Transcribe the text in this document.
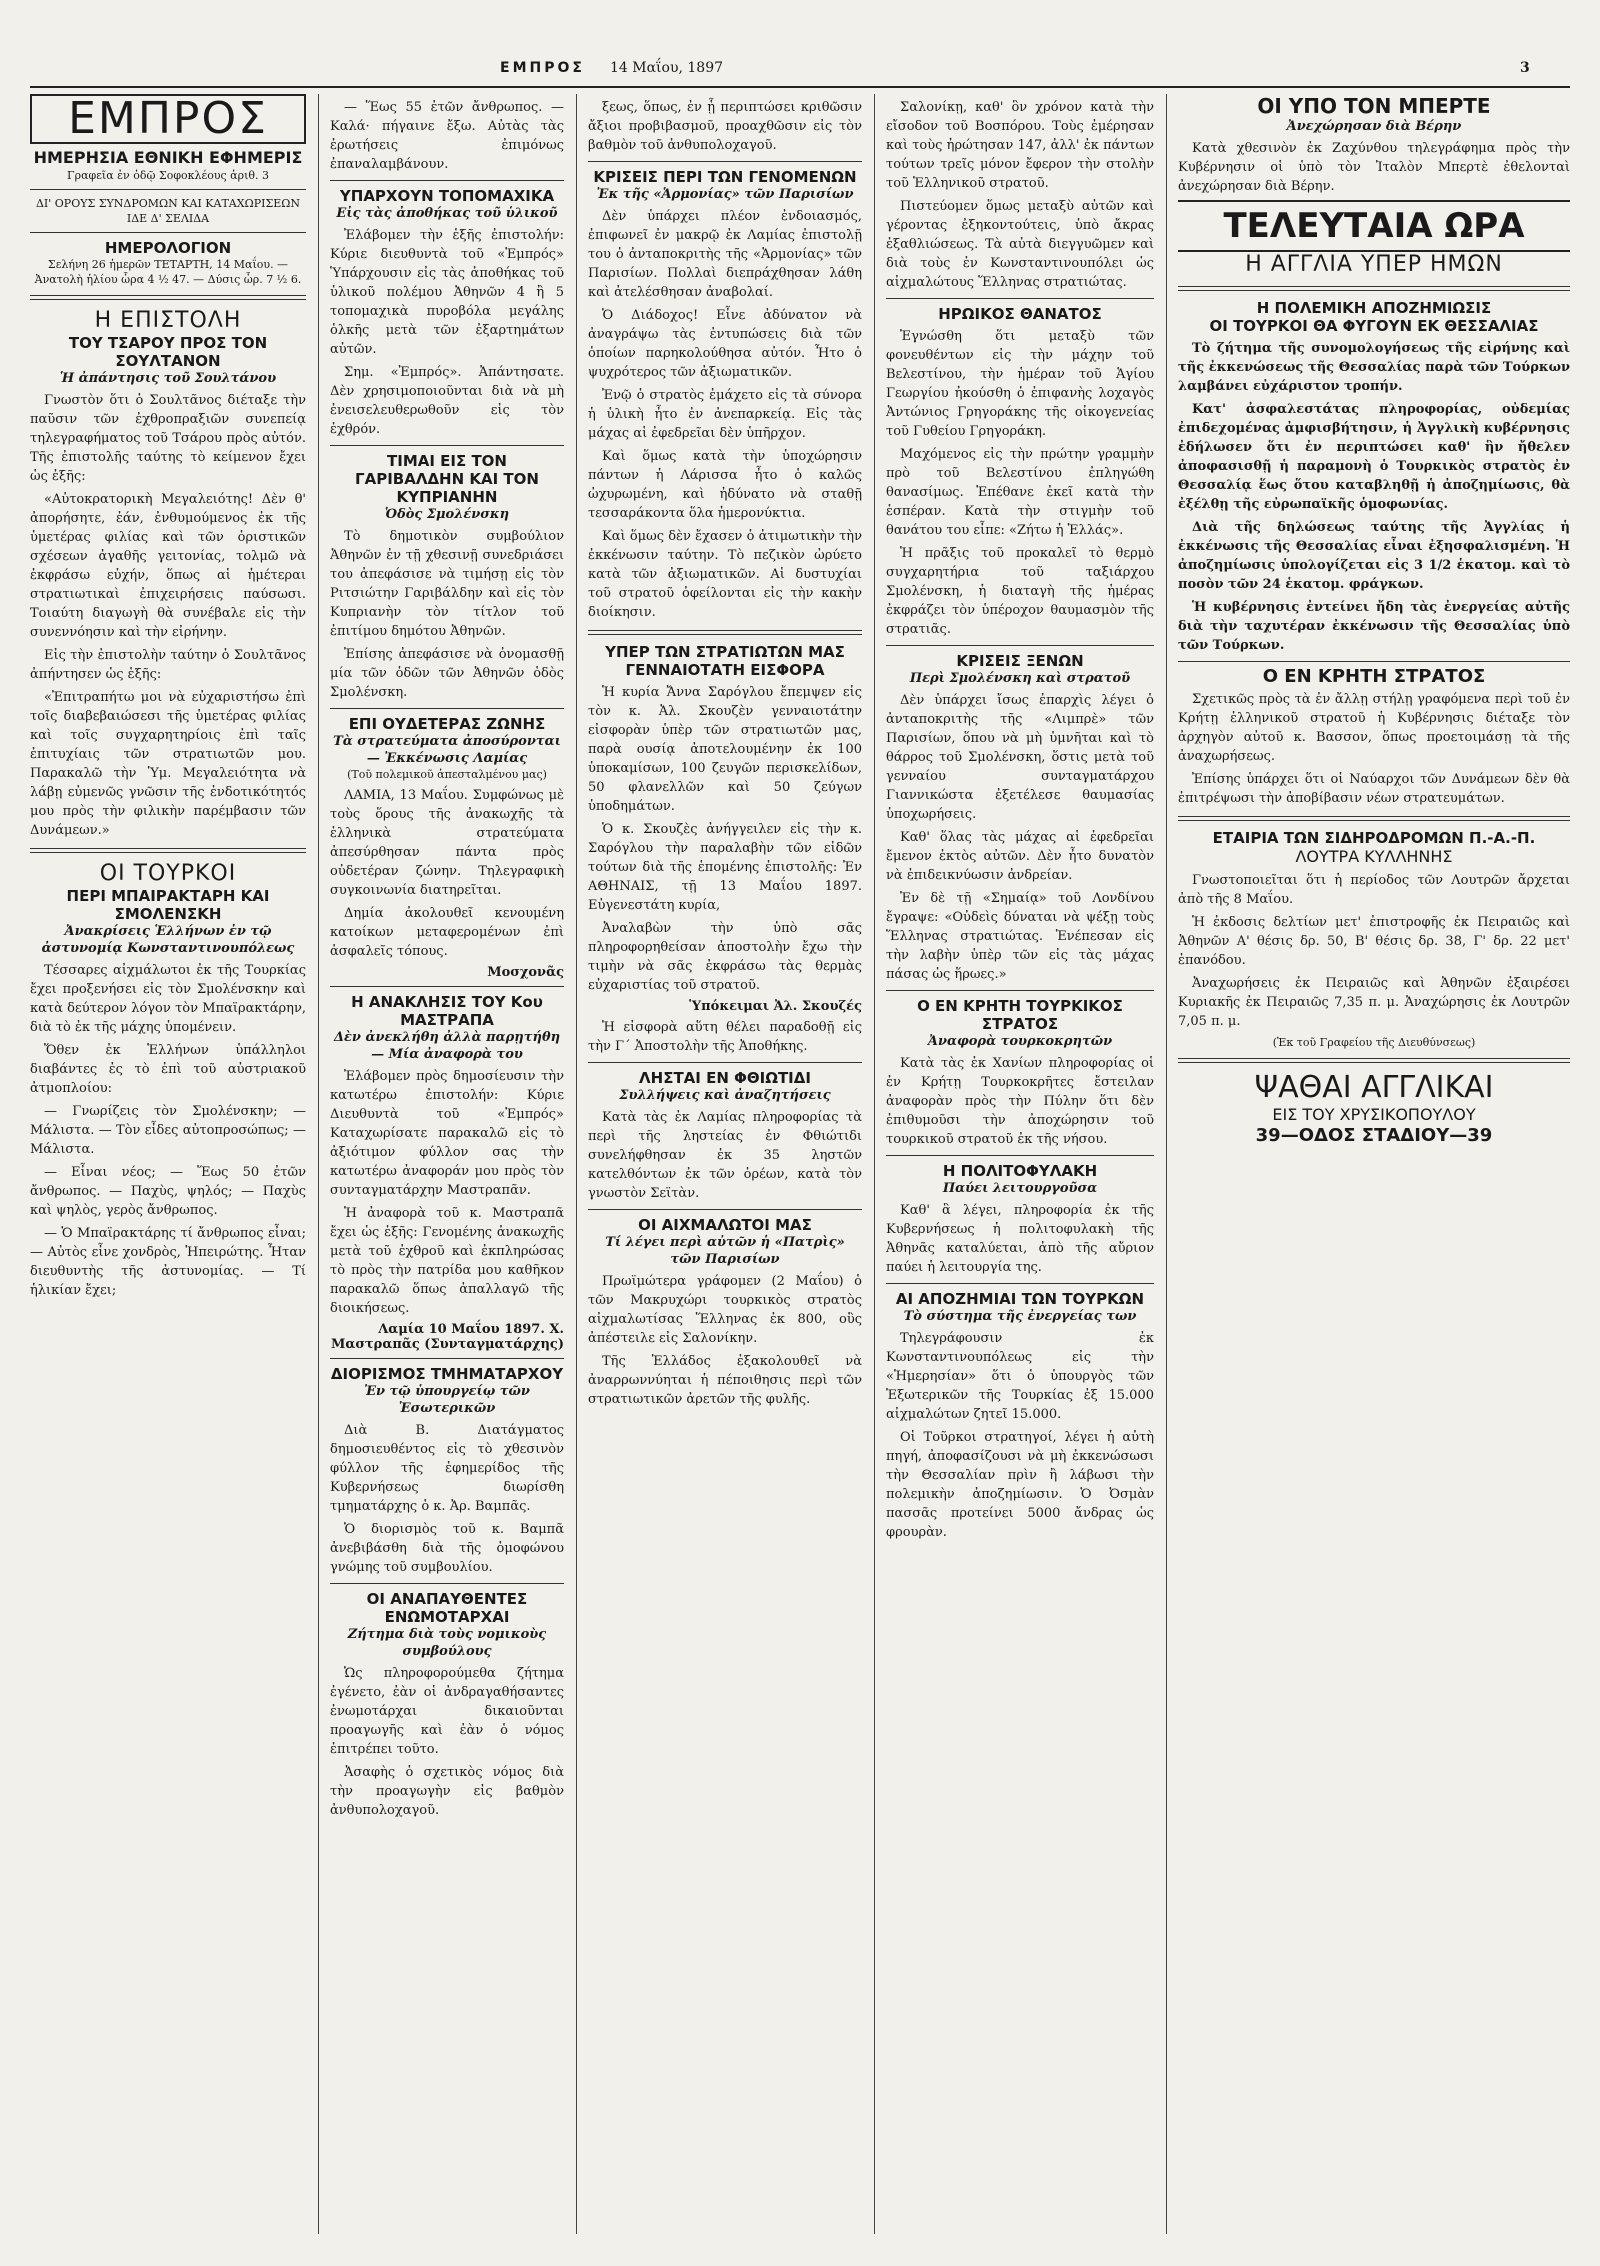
ΕΜΠΡΟΣ 14 Μαΐου, 1897	3
ΕΜΠΡΟΣ
ΗΜΕΡΗΣΙΑ ΕΘΝΙΚΗ ΕΦΗΜΕΡΙΣ
Γραφεῖα ἐν ὁδῷ Σοφοκλέους ἀριθ. 3
ΔΙ' ΟΡΟΥΣ ΣΥΝΔΡΟΜΩΝ ΚΑΙ ΚΑΤΑΧΩΡΙΣΕΩΝ ΙΔΕ Δ' ΣΕΛΙΔΑ
ΗΜΕΡΟΛΟΓΙΟΝ
Σελήνη 26 ἡμερῶν ΤΕΤΑΡΤΗ, 14 Μαΐου. —Ἀνατολὴ ἡλίου ὧρα 4 ½ 47. — Δύσις ὧρ. 7 ½ 6.
Η ΕΠΙΣΤΟΛΗ
ΤΟΥ ΤΣΑΡΟΥ ΠΡΟΣ ΤΟΝ ΣΟΥΛΤΑΝΟΝ
Ἡ ἀπάντησις τοῦ Σουλτάνου

Γνωστὸν ὅτι ὁ Σουλτᾶνος διέταξε τὴν παῦσιν τῶν ἐχθροπραξιῶν συνεπείᾳ τηλεγραφήματος τοῦ Τσάρου πρὸς αὐτόν. Τῆς ἐπιστολῆς ταύτης τὸ κείμενον ἔχει ὡς ἑξῆς:

«Αὐτοκρατορικὴ Μεγαλειότης! Δὲν θ' ἀπορήσητε, ἐάν, ἐνθυμούμενος ἐκ τῆς ὑμετέρας φιλίας καὶ τῶν ὁριστικῶν σχέσεων ἀγαθῆς γειτονίας, τολμῶ νὰ ἐκφράσω εὐχήν, ὅπως αἱ ἡμέτεραι στρατιωτικαὶ ἐπιχειρήσεις παύσωσι. Τοιαύτη διαγωγὴ θὰ συνέβαλε εἰς τὴν συνεννόησιν καὶ τὴν εἰρήνην.

Εἰς τὴν ἐπιστολὴν ταύτην ὁ Σουλτᾶνος ἀπήντησεν ὡς ἑξῆς:

«Ἐπιτραπήτω μοι νὰ εὐχαριστήσω ἐπὶ τοῖς διαβεβαιώσεσι τῆς ὑμετέρας φιλίας καὶ τοῖς συγχαρητηρίοις ἐπὶ ταῖς ἐπιτυχίαις τῶν στρατιωτῶν μου. Παρακαλῶ τὴν Ὑμ. Μεγαλειότητα νὰ λάβῃ εὐμενῶς γνῶσιν τῆς ἐνδοτικότητός μου πρὸς τὴν φιλικὴν παρέμβασιν τῶν Δυνάμεων.»

ΟΙ ΤΟΥΡΚΟΙ
ΠΕΡΙ ΜΠΑΙΡΑΚΤΑΡΗ ΚΑΙ ΣΜΟΛΕΝΣΚΗ
Ἀνακρίσεις Ἑλλήνων ἐν τῷ ἀστυνομίᾳ Κωνσταντινουπόλεως

Τέσσαρες αἰχμάλωτοι ἐκ τῆς Τουρκίας ἔχει προξενήσει εἰς τὸν Σμολένσκην καὶ κατὰ δεύτερον λόγον τὸν Μπαϊρακτάρην, διὰ τὸ ἐκ τῆς μάχης ὑπομένειν.

Ὅθεν ἐκ Ἑλλήνων ὑπάλληλοι διαβάντες ἐς τὸ ἐπὶ τοῦ αὐστριακοῦ ἀτμοπλοίου:

— Γνωρίζεις τὸν Σμολένσκην; — Μάλιστα. — Τὸν εἶδες αὐτοπροσώπως; — Μάλιστα.

— Εἶναι νέος; — Ἕως 50 ἐτῶν ἄνθρωπος. — Παχὺς, ψηλός; — Παχὺς καὶ ψηλὸς, γερὸς ἄνθρωπος.

— Ὁ Μπαϊρακτάρης τί ἄνθρωπος εἶναι; — Αὐτὸς εἶνε χονδρὸς, Ἠπειρώτης. Ἦταν διευθυντὴς τῆς ἀστυνομίας. — Τί ἡλικίαν ἔχει;

— Ἕως 55 ἐτῶν ἄνθρωπος. — Καλά· πήγαινε ἔξω. Αὐτὰς τὰς ἐρωτήσεις ἐπιμόνως ἐπαναλαμβάνουν.

ΥΠΑΡΧΟΥΝ ΤΟΠΟΜΑΧΙΚΑ
Εἰς τὰς ἀποθήκας τοῦ ὑλικοῦ

Ἐλάβομεν τὴν ἑξῆς ἐπιστολήν: Κύριε διευθυντὰ τοῦ «Ἐμπρός» Ὑπάρχουσιν εἰς τὰς ἀποθήκας τοῦ ὑλικοῦ πολέμου Ἀθηνῶν 4 ἢ 5 τοπομαχικὰ πυροβόλα μεγάλης ὁλκῆς μετὰ τῶν ἐξαρτημάτων αὐτῶν.

Σημ. «Ἐμπρός». Ἀπάντησατε. Δὲν χρησιμοποιοῦνται διὰ νὰ μὴ ἐνεισελευθερωθοῦν εἰς τὸν ἐχθρόν.

ΤΙΜΑΙ ΕΙΣ ΤΟΝ ΓΑΡΙΒΑΛΔΗΝ ΚΑΙ ΤΟΝ ΚΥΠΡΙΑΝΗΝ
Ὁδὸς Σμολένσκη

Τὸ δημοτικὸν συμβούλιον Ἀθηνῶν ἐν τῇ χθεσινῇ συνεδριάσει του ἀπεφάσισε νὰ τιμήσῃ εἰς τὸν Ριτσιώτην Γαριβάλδην καὶ εἰς τὸν Κυπριανὴν τὸν τίτλον τοῦ ἐπιτίμου δημότου Ἀθηνῶν.

Ἐπίσης ἀπεφάσισε νὰ ὀνομασθῇ μία τῶν ὁδῶν τῶν Ἀθηνῶν ὁδὸς Σμολένσκη.

ΕΠΙ ΟΥΔΕΤΕΡΑΣ ΖΩΝΗΣ
Τὰ στρατεύματα ἀποσύρονται — Ἐκκένωσις Λαμίας
(Τοῦ πολεμικοῦ ἀπεσταλμένου μας)

ΛΑΜΙΑ, 13 Μαΐου. Συμφώνως μὲ τοὺς ὅρους τῆς ἀνακωχῆς τὰ ἑλληνικὰ στρατεύματα ἀπεσύρθησαν πάντα πρὸς οὐδετέραν ζώνην. Τηλεγραφικὴ συγκοινωνία διατηρεῖται.

Δημία ἀκολουθεῖ κενουμένη κατοίκων μεταφερομένων ἐπὶ ἀσφαλεῖς τόπους.

Μοσχονᾶς
Η ΑΝΑΚΛΗΣΙΣ ΤΟΥ Κου ΜΑΣΤΡΑΠΑ
Δὲν ἀνεκλήθη ἀλλὰ παρῃτήθη — Μία ἀναφορὰ του

Ἐλάβομεν πρὸς δημοσίευσιν τὴν κατωτέρω ἐπιστολήν: Κύριε Διευθυντὰ τοῦ «Ἐμπρός» Καταχωρίσατε παρακαλῶ εἰς τὸ ἀξιότιμον φύλλον σας τὴν κατωτέρω ἀναφοράν μου πρὸς τὸν συνταγματάρχην Μαστραπᾶν.

Ἡ ἀναφορὰ τοῦ κ. Μαστραπᾶ ἔχει ὡς ἑξῆς: Γενομένης ἀνακωχῆς μετὰ τοῦ ἐχθροῦ καὶ ἐκπληρώσας τὸ πρὸς τὴν πατρίδα μου καθῆκον παρακαλῶ ὅπως ἀπαλλαγῶ τῆς διοικήσεως.

Λαμία 10 Μαΐου 1897. Χ. Μαστραπᾶς (Συνταγματάρχης)
ΔΙΟΡΙΣΜΟΣ ΤΜΗΜΑΤΑΡΧΟΥ
Ἐν τῷ ὑπουργείῳ τῶν Ἐσωτερικῶν

Διὰ Β. Διατάγματος δημοσιευθέντος εἰς τὸ χθεσινὸν φύλλον τῆς ἐφημερίδος τῆς Κυβερνήσεως διωρίσθη τμηματάρχης ὁ κ. Ἀρ. Βαμπᾶς.

Ὁ διορισμὸς τοῦ κ. Βαμπᾶ ἀνεβιβάσθη διὰ τῆς ὁμοφώνου γνώμης τοῦ συμβουλίου.

ΟΙ ΑΝΑΠΑΥΘΕΝΤΕΣ ΕΝΩΜΟΤΑΡΧΑΙ
Ζήτημα διὰ τοὺς νομικοὺς συμβούλους

Ὡς πληροφορούμεθα ζήτημα ἐγένετο, ἐὰν οἱ ἀνδραγαθήσαντες ἐνωμοτάρχαι δικαιοῦνται προαγωγῆς καὶ ἐὰν ὁ νόμος ἐπιτρέπει τοῦτο.

Ἀσαφὴς ὁ σχετικὸς νόμος διὰ τὴν προαγωγὴν εἰς βαθμὸν ἀνθυπολοχαγοῦ.

ξεως, ὅπως, ἐν ᾗ περιπτώσει κριθῶσιν ἄξιοι προβιβασμοῦ, προαχθῶσιν εἰς τὸν βαθμὸν τοῦ ἀνθυπολοχαγοῦ.

ΚΡΙΣΕΙΣ ΠΕΡΙ ΤΩΝ ΓΕΝΟΜΕΝΩΝ
Ἐκ τῆς «Ἁρμονίας» τῶν Παρισίων

Δὲν ὑπάρχει πλέον ἐνδοιασμός, ἐπιφωνεῖ ἐν μακρῷ ἐκ Λαμίας ἐπιστολῇ του ὁ ἀνταποκριτὴς τῆς «Ἁρμονίας» τῶν Παρισίων. Πολλαὶ διεπράχθησαν λάθη καὶ ἀτελέσθησαν ἀναβολαί.

Ὁ Διάδοχος! Εἶνε ἀδύνατον νὰ ἀναγράψω τὰς ἐντυπώσεις διὰ τῶν ὁποίων παρηκολούθησα αὐτόν. Ἦτο ὁ ψυχρότερος τῶν ἀξιωματικῶν.

Ἐνῷ ὁ στρατὸς ἐμάχετο εἰς τὰ σύνορα ἡ ὑλικὴ ἦτο ἐν ἀνεπαρκείᾳ. Εἰς τὰς μάχας αἱ ἐφεδρεῖαι δὲν ὑπῆρχον.

Καὶ ὅμως κατὰ τὴν ὑποχώρησιν πάντων ἡ Λάρισσα ἦτο ὁ καλῶς ὠχυρωμένη, καὶ ἠδύνατο νὰ σταθῇ τεσσαράκοντα ὅλα ἡμερονύκτια.

Καὶ ὅμως δὲν ἔχασεν ὁ ἀτιμωτικὴν τὴν ἐκκένωσιν ταύτην. Τὸ πεζικὸν ὠρύετο κατὰ τῶν ἀξιωματικῶν. Αἱ δυστυχίαι τοῦ στρατοῦ ὀφείλονται εἰς τὴν κακὴν διοίκησιν.

ΥΠΕΡ ΤΩΝ ΣΤΡΑΤΙΩΤΩΝ ΜΑΣ ΓΕΝΝΑΙΟΤΑΤΗ ΕΙΣΦΟΡΑ

Ἡ κυρία Ἄννα Σαρόγλου ἔπεμψεν εἰς τὸν κ. Ἀλ. Σκουζὲν γενναιοτάτην εἰσφορὰν ὑπὲρ τῶν στρατιωτῶν μας, παρὰ ουσίᾳ ἀποτελουμένην ἐκ 100 ὑποκαμίσων, 100 ζευγῶν περισκελίδων, 50 φλανελλῶν καὶ 50 ζεύγων ὑποδημάτων.

Ὁ κ. Σκουζὲς ἀνήγγειλεν εἰς τὴν κ. Σαρόγλου τὴν παραλαβὴν τῶν εἰδῶν τούτων διὰ τῆς ἑπομένης ἐπιστολῆς: Ἐν ΑΘΗΝΑΙΣ, τῇ 13 Μαΐου 1897. Εὐγενεστάτη κυρία,

Ἀναλαβὼν τὴν ὑπὸ σᾶς πληροφορηθείσαν ἀποστολὴν ἔχω τὴν τιμὴν νὰ σᾶς ἐκφράσω τὰς θερμὰς εὐχαριστίας τοῦ στρατοῦ.

Ὑπόκειμαι Ἀλ. Σκουζές

Ἡ εἰσφορὰ αὕτη θέλει παραδοθῇ εἰς τὴν Γ΄ Ἀποστολὴν τῆς Ἀποθήκης.

ΛΗΣΤΑΙ ΕΝ ΦΘΙΩΤΙΔΙ
Συλλήψεις καὶ ἀναζητήσεις

Κατὰ τὰς ἐκ Λαμίας πληροφορίας τὰ περὶ τῆς ληστείας ἐν Φθιώτιδι συνελήφθησαν ἐκ 35 ληστῶν κατελθόντων ἐκ τῶν ὀρέων, κατὰ τὸν γνωστὸν Σεϊτὰν.

ΟΙ ΑΙΧΜΑΛΩΤΟΙ ΜΑΣ
Τί λέγει περὶ αὐτῶν ἡ «Πατρὶς» τῶν Παρισίων

Πρωϊμώτερα γράφομεν (2 Μαΐου) ὁ τῶν Μακρυχώρι τουρκικὸς στρατὸς αἰχμαλωτίσας Ἕλληνας ἐκ 800, οὓς ἀπέστειλε εἰς Σαλονίκην.

Τῆς Ἑλλάδος ἐξακολουθεῖ νὰ ἀναρρωννύηται ἡ πέποιθησις περὶ τῶν στρατιωτικῶν ἀρετῶν τῆς φυλῆς.

Σαλονίκῃ, καθ' ὃν χρόνον κατὰ τὴν εἴσοδον τοῦ Βοσπόρου. Τοὺς ἐμέρησαν καὶ τοὺς ἠρώτησαν 147, ἀλλ' ἐκ πάντων τούτων τρεῖς μόνον ἔφερον τὴν στολὴν τοῦ Ἑλληνικοῦ στρατοῦ.

Πιστεύομεν ὅμως μεταξὺ αὐτῶν καὶ γέροντας ἐξηκοντούτεις, ὑπὸ ἄκρας ἐξαθλιώσεως. Τὰ αὐτὰ διεγγυῶμεν καὶ διὰ τοὺς ἐν Κωνσταντινουπόλει ὡς αἰχμαλώτους Ἕλληνας στρατιώτας.

ΗΡΩΙΚΟΣ ΘΑΝΑΤΟΣ

Ἐγνώσθη ὅτι μεταξὺ τῶν φονευθέντων εἰς τὴν μάχην τοῦ Βελεστίνου, τὴν ἡμέραν τοῦ Ἁγίου Γεωργίου ἠκούσθη ὁ ἐπιφανὴς λοχαγὸς Ἀντώνιος Γρηγοράκης τῆς οἰκογενείας τοῦ Γυθείου Γρηγοράκη.

Μαχόμενος εἰς τὴν πρώτην γραμμὴν πρὸ τοῦ Βελεστίνου ἐπληγώθη θανασίμως. Ἐπέθανε ἐκεῖ κατὰ τὴν ἑσπέραν. Κατὰ τὴν στιγμὴν τοῦ θανάτου του εἶπε: «Ζήτω ἡ Ἑλλάς».

Ἡ πρᾶξις τοῦ προκαλεῖ τὸ θερμὸ συγχαρητήρια τοῦ ταξιάρχου Σμολένσκη, ἡ διαταγὴ τῆς ἡμέρας ἐκφράζει τὸν ὑπέροχον θαυμασμὸν τῆς στρατιᾶς.

ΚΡΙΣΕΙΣ ΞΕΝΩΝ
Περὶ Σμολένσκη καὶ στρατοῦ

Δὲν ὑπάρχει ἴσως ἐπαρχὶς λέγει ὁ ἀνταποκριτὴς τῆς «Λιμπρὲ» τῶν Παρισίων, ὅπου νὰ μὴ ὑμνῆται καὶ τὸ θάρρος τοῦ Σμολένσκη, ὅστις μετὰ τοῦ γενναίου συνταγματάρχου Γιαννικώστα ἐξετέλεσε θαυμασίας ὑποχωρήσεις.

Καθ' ὅλας τὰς μάχας αἱ ἐφεδρεῖαι ἔμενον ἐκτὸς αὐτῶν. Δὲν ἦτο δυνατὸν νὰ ἐπιδεικνύωσιν ἀνδρείαν.

Ἐν δὲ τῇ «Σημαίᾳ» τοῦ Λονδίνου ἔγραψε: «Οὐδεὶς δύναται νὰ ψέξῃ τοὺς Ἕλληνας στρατιώτας. Ἐνέπεσαν εἰς τὴν λαβὴν ὑπὲρ τῶν εἰς τὰς μάχας πάσας ὡς ἥρωες.»

Ο ΕΝ ΚΡΗΤΗ ΤΟΥΡΚΙΚΟΣ ΣΤΡΑΤΟΣ
Ἀναφορὰ τουρκοκρητῶν

Κατὰ τὰς ἐκ Χανίων πληροφορίας οἱ ἐν Κρήτῃ Τουρκοκρῆτες ἔστειλαν ἀναφορὰν πρὸς τὴν Πύλην ὅτι δὲν ἐπιθυμοῦσι τὴν ἀποχώρησιν τοῦ τουρκικοῦ στρατοῦ ἐκ τῆς νήσου.

Η ΠΟΛΙΤΟΦΥΛΑΚΗ
Παύει λειτουργοῦσα

Καθ' ἃ λέγει, πληροφορία ἐκ τῆς Κυβερνήσεως ἡ πολιτοφυλακὴ τῆς Ἀθηνᾶς καταλύεται, ἀπὸ τῆς αὔριον παύει ἡ λειτουργία της.

ΑΙ ΑΠΟΖΗΜΙΑΙ ΤΩΝ ΤΟΥΡΚΩΝ
Τὸ σύστημα τῆς ἐνεργείας των

Τηλεγράφουσιν ἐκ Κωνσταντινουπόλεως εἰς τὴν «Ἡμερησίαν» ὅτι ὁ ὑπουργὸς τῶν Ἐξωτερικῶν τῆς Τουρκίας ἐξ 15.000 αἰχμαλώτων ζητεῖ 15.000.

Οἱ Τοῦρκοι στρατηγοί, λέγει ἡ αὐτὴ πηγή, ἀποφασίζουσι νὰ μὴ ἐκκενώσωσι τὴν Θεσσαλίαν πρὶν ἢ λάβωσι τὴν πολεμικὴν ἀποζημίωσιν. Ὁ Ὀσμὰν πασσᾶς προτείνει 5000 ἄνδρας ὡς φρουρὰν.

ΟΙ ΥΠΟ ΤΟΝ ΜΠΕΡΤΕ
Ἀνεχώρησαν διὰ Βέρην

Κατὰ χθεσινὸν ἐκ Ζαχύνθου τηλεγράφημα πρὸς τὴν Κυβέρνησιν οἱ ὑπὸ τὸν Ἰταλὸν Μπερτὲ ἐθελονταὶ ἀνεχώρησαν διὰ Βέρην.

ΤΕΛΕΥΤΑΙΑ ΩΡΑ
Η ΑΓΓΛΙΑ ΥΠΕΡ ΗΜΩΝ
Η ΠΟΛΕΜΙΚΗ ΑΠΟΖΗΜΙΩΣΙΣ
ΟΙ ΤΟΥΡΚΟΙ ΘΑ ΦΥΓΟΥΝ ΕΚ ΘΕΣΣΑΛΙΑΣ

Τὸ ζήτημα τῆς συνομολογήσεως τῆς εἰρήνης καὶ τῆς ἐκκενώσεως τῆς Θεσσαλίας παρὰ τῶν Τούρκων λαμβάνει εὐχάριστον τροπήν.

Κατ' ἀσφαλεστάτας πληροφορίας, οὐδεμίας ἐπιδεχομένας ἀμφισβήτησιν, ἡ Ἀγγλικὴ κυβέρνησις ἐδήλωσεν ὅτι ἐν περιπτώσει καθ' ἣν ἤθελεν ἀποφασισθῇ ἡ παραμονὴ ὁ Τουρκικὸς στρατὸς ἐν Θεσσαλίᾳ ἕως ὅτου καταβληθῇ ἡ ἀποζημίωσις, θὰ ἐξέλθῃ τῆς εὐρωπαϊκῆς ὁμοφωνίας.

Διὰ τῆς δηλώσεως ταύτης τῆς Ἀγγλίας ἡ ἐκκένωσις τῆς Θεσσαλίας εἶναι ἐξησφαλισμένη. Ἡ ἀποζημίωσις ὑπολογίζεται εἰς 3 1/2 ἑκατομ. καὶ τὸ ποσὸν τῶν 24 ἑκατομ. φράγκων.

Ἡ κυβέρνησις ἐντείνει ἤδη τὰς ἐνεργείας αὐτῆς διὰ τὴν ταχυτέραν ἐκκένωσιν τῆς Θεσσαλίας ὑπὸ τῶν Τούρκων.

Ο ΕΝ ΚΡΗΤΗ ΣΤΡΑΤΟΣ

Σχετικῶς πρὸς τὰ ἐν ἄλλῃ στήλῃ γραφόμενα περὶ τοῦ ἐν Κρήτῃ ἑλληνικοῦ στρατοῦ ἡ Κυβέρνησις διέταξε τὸν ἀρχηγὸν αὐτοῦ κ. Βασσον, ὅπως προετοιμάσῃ τὰ τῆς ἀναχωρήσεως.

Ἐπίσης ὑπάρχει ὅτι οἱ Ναύαρχοι τῶν Δυνάμεων δὲν θὰ ἐπιτρέψωσι τὴν ἀποβίβασιν νέων στρατευμάτων.

ΕΤΑΙΡΙΑ ΤΩΝ ΣΙΔΗΡΟΔΡΟΜΩΝ Π.-Α.-Π.
ΛΟΥΤΡΑ ΚΥΛΛΗΝΗΣ

Γνωστοποιεῖται ὅτι ἡ περίοδος τῶν Λουτρῶν ἄρχεται ἀπὸ τῆς 8 Μαΐου.

Ἡ ἐκδοσις δελτίων μετ' ἐπιστροφῆς ἐκ Πειραιῶς καὶ Ἀθηνῶν Α' θέσις δρ. 50, Β' θέσις δρ. 38, Γ' δρ. 22 μετ' ἐπανόδου.

Ἀναχωρήσεις ἐκ Πειραιῶς καὶ Ἀθηνῶν ἐξαιρέσει Κυριακῆς ἐκ Πειραιῶς 7,35 π. μ. Ἀναχώρησις ἐκ Λουτρῶν 7,05 π. μ.

(Ἐκ τοῦ Γραφείου τῆς Διευθύνσεως)
ΨΑΘΑΙ ΑΓΓΛΙΚΑΙ
ΕΙΣ ΤΟΥ ΧΡΥΣΙΚΟΠΟΥΛΟΥ
39—ΟΔΟΣ ΣΤΑΔΙΟΥ—39
